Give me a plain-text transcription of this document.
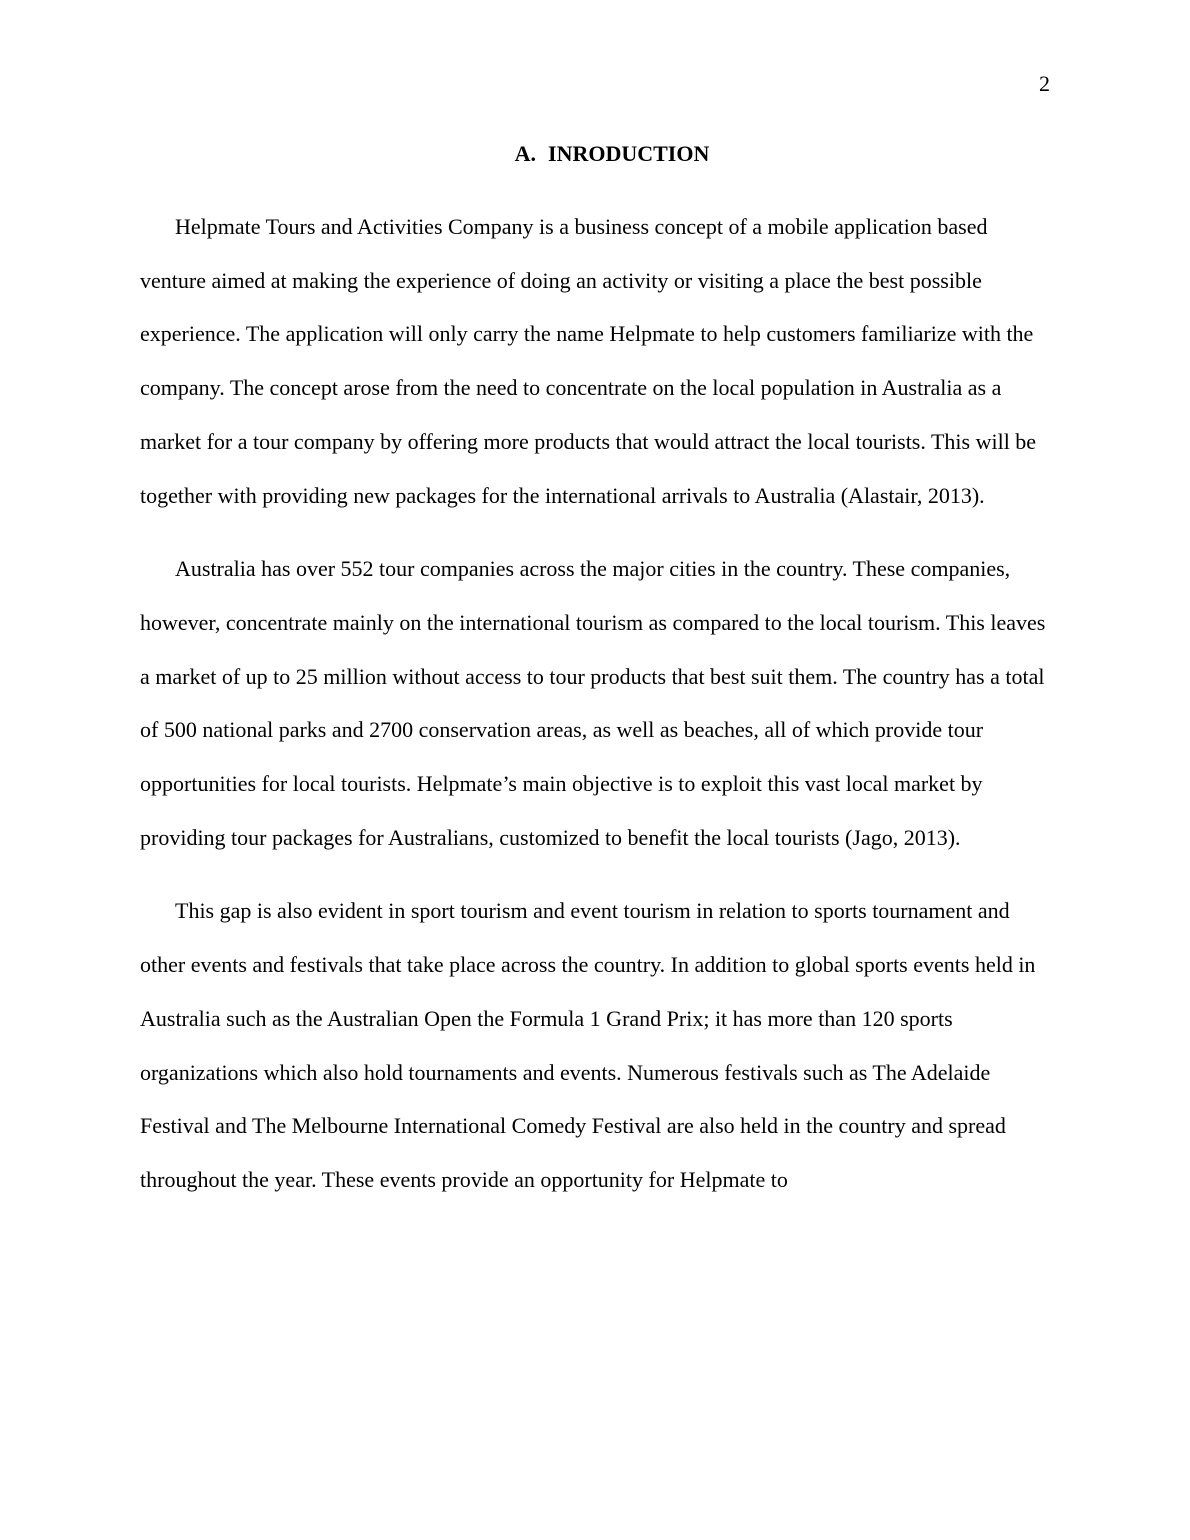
2
A. INRODUCTION

Helpmate Tours and Activities Company is a business concept of a mobile application based venture aimed at making the experience of doing an activity or visiting a place the best possible experience. The application will only carry the name Helpmate to help customers familiarize with the company. The concept arose from the need to concentrate on the local population in Australia as a market for a tour company by offering more products that would attract the local tourists. This will be together with providing new packages for the international arrivals to Australia (Alastair, 2013).

Australia has over 552 tour companies across the major cities in the country. These companies, however, concentrate mainly on the international tourism as compared to the local tourism. This leaves a market of up to 25 million without access to tour products that best suit them. The country has a total of 500 national parks and 2700 conservation areas, as well as beaches, all of which provide tour opportunities for local tourists. Helpmate’s main objective is to exploit this vast local market by providing tour packages for Australians, customized to benefit the local tourists (Jago, 2013).

This gap is also evident in sport tourism and event tourism in relation to sports tournament and other events and festivals that take place across the country. In addition to global sports events held in Australia such as the Australian Open the Formula 1 Grand Prix; it has more than 120 sports organizations which also hold tournaments and events. Numerous festivals such as The Adelaide Festival and The Melbourne International Comedy Festival are also held in the country and spread throughout the year. These events provide an opportunity for Helpmate to
